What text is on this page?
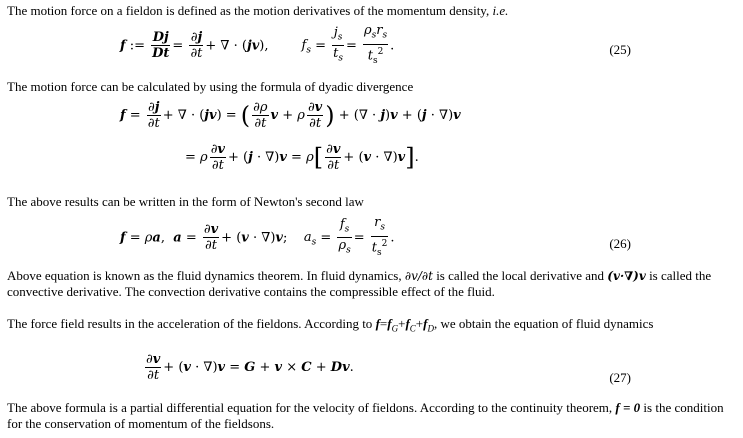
The motion force on a fieldon is defined as the motion derivatives of the momentum density, i.e.
f := $\frac{Dj}{Dt} = \frac{\partial j}{\partial t}$ + ∇ · (jv),        $f_s = \frac{j_s}{t_s} = \frac{\rho_sr_s}{t_s^2}$ .	(25)
The motion force can be calculated by using the formula of dyadic divergence
$f = \frac{\partial j}{\partial t}$ + ∇ · (jv) = ( $\frac{\partial\rho}{\partial t}$ v + ρ $\frac{\partial v}{\partial t}$ ) + (∇ · j)v + (j · ∇)v
= ρ $\frac{\partial v}{\partial t} + (j \cdot \nabla)v = \rho[ \frac{\partial v}{\partial t} + (v \cdot \nabla)v]$.
The above results can be written in the form of Newton's second law
f = ρa,  $a = \frac{\partial v}{\partial t} + (v \cdot \nabla)v$;    $a_s = \frac{f_s}{\rho_s} = \frac{r_s}{t_s^2}$ .	(26)
Above equation is known as the fluid dynamics theorem. In fluid dynamics, ∂v/∂t is called the local derivative and (v·∇)v is called the convective derivative. The convection derivative contains the compressible effect of the fluid.
The force field results in the acceleration of the fieldons. According to $f=f_G+f_C+f_D$, we obtain the equation of fluid dynamics
$\frac{\partial v}{\partial t} + (v \cdot \nabla)v = G + v \times C + Dv$.
(27)
The above formula is a partial differential equation for the velocity of fieldons. According to the continuity theorem, f = 0 is the condition for the conservation of momentum of the fieldsons.
